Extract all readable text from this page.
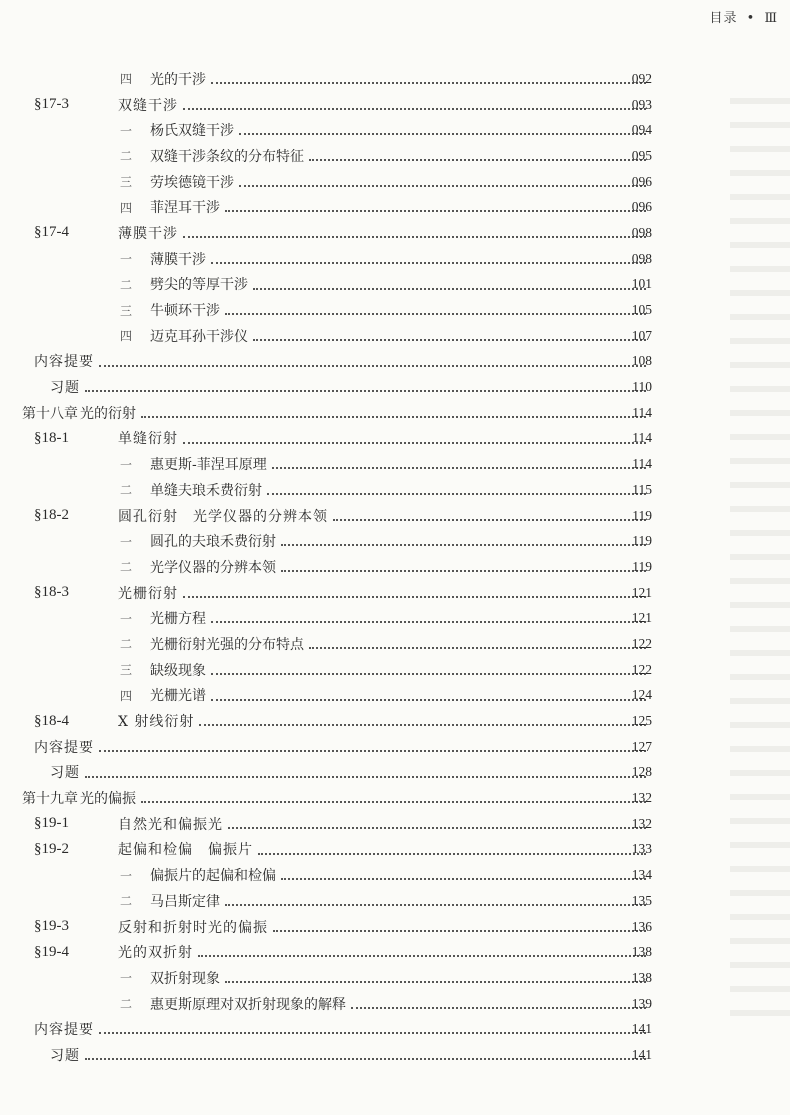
目录 • Ⅲ
四 光的干涉	092
§17-3	双缝干涉	093
一 杨氏双缝干涉	094
二 双缝干涉条纹的分布特征	095
三 劳埃德镜干涉	096
四 菲涅耳干涉	096
§17-4	薄膜干涉	098
一 薄膜干涉	098
二 劈尖的等厚干涉	101
三 牛顿环干涉	105
四 迈克耳孙干涉仪	107
内容提要	108
习题	110
第十八章 光的衍射	114
§18-1	单缝衍射	114
一 惠更斯-菲涅耳原理	114
二 单缝夫琅禾费衍射	115
§18-2	圆孔衍射　光学仪器的分辨本领	119
一 圆孔的夫琅禾费衍射	119
二 光学仪器的分辨本领	119
§18-3	光栅衍射	121
一 光栅方程	121
二 光栅衍射光强的分布特点	122
三 缺级现象	122
四 光栅光谱	124
§18-4	X 射线衍射	125
内容提要	127
习题	128
第十九章 光的偏振	132
§19-1	自然光和偏振光	132
§19-2	起偏和检偏　偏振片	133
一 偏振片的起偏和检偏	134
二 马吕斯定律	135
§19-3	反射和折射时光的偏振	136
§19-4	光的双折射	138
一 双折射现象	138
二 惠更斯原理对双折射现象的解释	139
内容提要	141
习题	141
